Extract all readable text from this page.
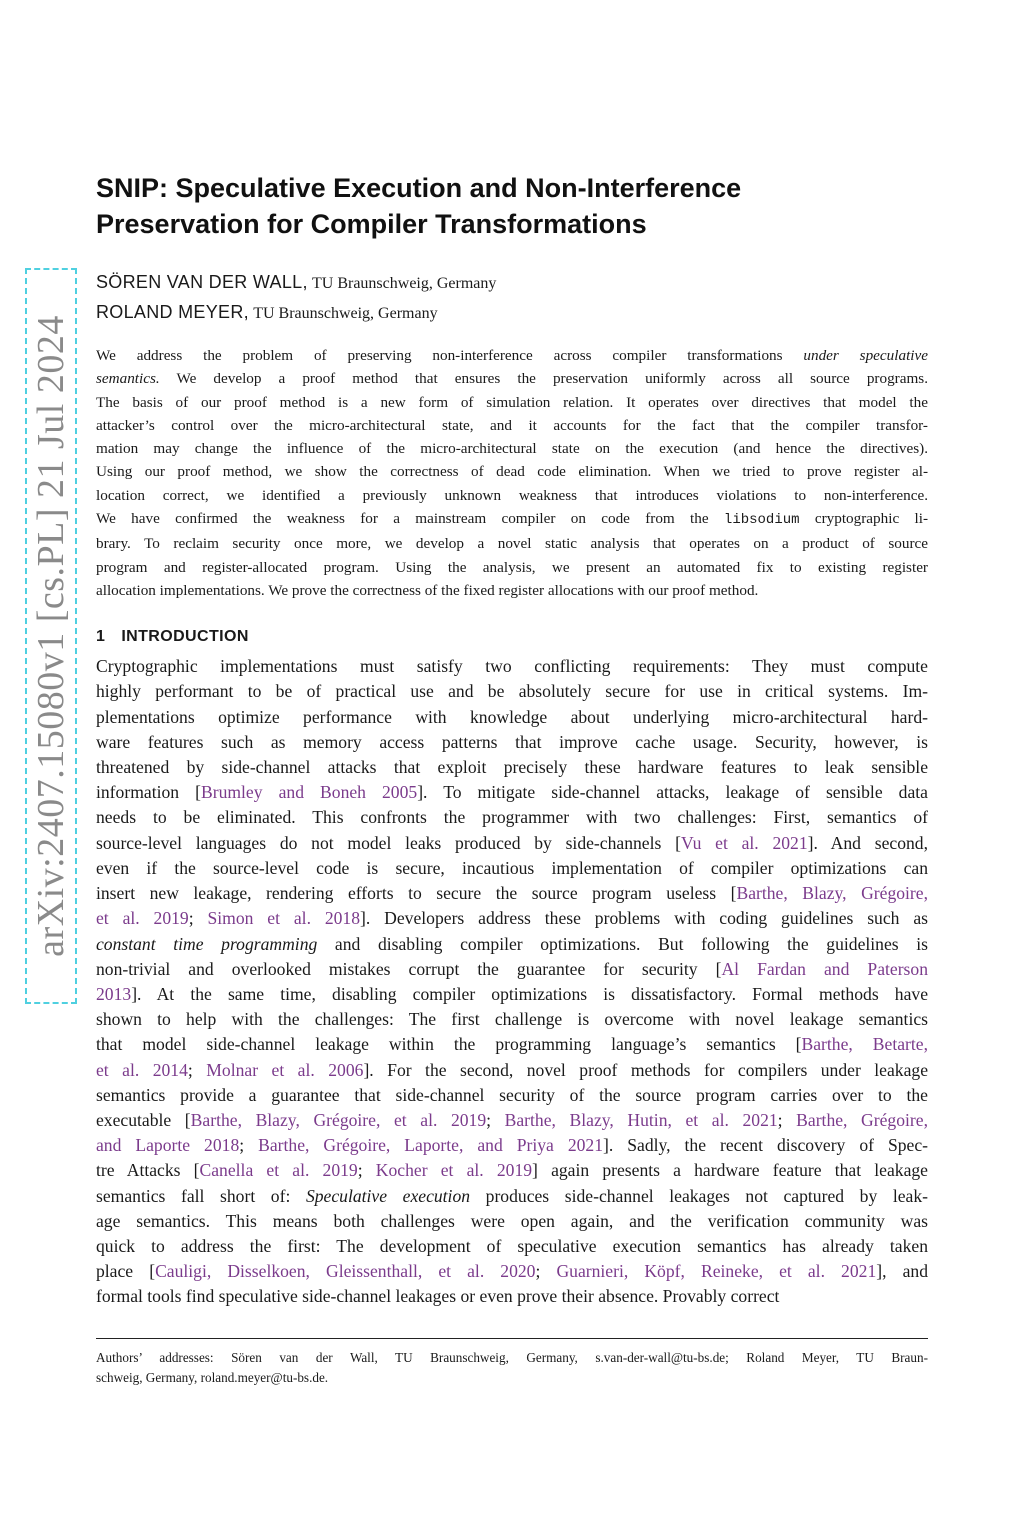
arXiv:2407.15080v1 [cs.PL] 21 Jul 2024
SNIP: Speculative Execution and Non-Interference
Preservation for Compiler Transformations
SÖREN VAN DER WALL, TU Braunschweig, Germany
ROLAND MEYER, TU Braunschweig, Germany
We address the problem of preserving non-interference across compiler transformations under speculative
semantics. We develop a proof method that ensures the preservation uniformly across all source programs.
The basis of our proof method is a new form of simulation relation. It operates over directives that model the
attacker’s control over the micro-architectural state, and it accounts for the fact that the compiler transfor-
mation may change the influence of the micro-architectural state on the execution (and hence the directives).
Using our proof method, we show the correctness of dead code elimination. When we tried to prove register al-
location correct, we identified a previously unknown weakness that introduces violations to non-interference.
We have confirmed the weakness for a mainstream compiler on code from the libsodium cryptographic li-
brary. To reclaim security once more, we develop a novel static analysis that operates on a product of source
program and register-allocated program. Using the analysis, we present an automated fix to existing register
allocation implementations. We prove the correctness of the fixed register allocations with our proof method.
1 INTRODUCTION
Cryptographic implementations must satisfy two conflicting requirements: They must compute
highly performant to be of practical use and be absolutely secure for use in critical systems. Im-
plementations optimize performance with knowledge about underlying micro-architectural hard-
ware features such as memory access patterns that improve cache usage. Security, however, is
threatened by side-channel attacks that exploit precisely these hardware features to leak sensible
information [Brumley and Boneh 2005]. To mitigate side-channel attacks, leakage of sensible data
needs to be eliminated. This confronts the programmer with two challenges: First, semantics of
source-level languages do not model leaks produced by side-channels [Vu et al. 2021]. And second,
even if the source-level code is secure, incautious implementation of compiler optimizations can
insert new leakage, rendering efforts to secure the source program useless [Barthe, Blazy, Grégoire,
et al. 2019; Simon et al. 2018]. Developers address these problems with coding guidelines such as
constant time programming and disabling compiler optimizations. But following the guidelines is
non-trivial and overlooked mistakes corrupt the guarantee for security [Al Fardan and Paterson
2013]. At the same time, disabling compiler optimizations is dissatisfactory. Formal methods have
shown to help with the challenges: The first challenge is overcome with novel leakage semantics
that model side-channel leakage within the programming language’s semantics [Barthe, Betarte,
et al. 2014; Molnar et al. 2006]. For the second, novel proof methods for compilers under leakage
semantics provide a guarantee that side-channel security of the source program carries over to the
executable [Barthe, Blazy, Grégoire, et al. 2019; Barthe, Blazy, Hutin, et al. 2021; Barthe, Grégoire,
and Laporte 2018; Barthe, Grégoire, Laporte, and Priya 2021]. Sadly, the recent discovery of Spec-
tre Attacks [Canella et al. 2019; Kocher et al. 2019] again presents a hardware feature that leakage
semantics fall short of: Speculative execution produces side-channel leakages not captured by leak-
age semantics. This means both challenges were open again, and the verification community was
quick to address the first: The development of speculative execution semantics has already taken
place [Cauligi, Disselkoen, Gleissenthall, et al. 2020; Guarnieri, Köpf, Reineke, et al. 2021], and
formal tools find speculative side-channel leakages or even prove their absence. Provably correct
Authors’ addresses: Sören van der Wall, TU Braunschweig, Germany, s.van-der-wall@tu-bs.de; Roland Meyer, TU Braun-
schweig, Germany, roland.meyer@tu-bs.de.
